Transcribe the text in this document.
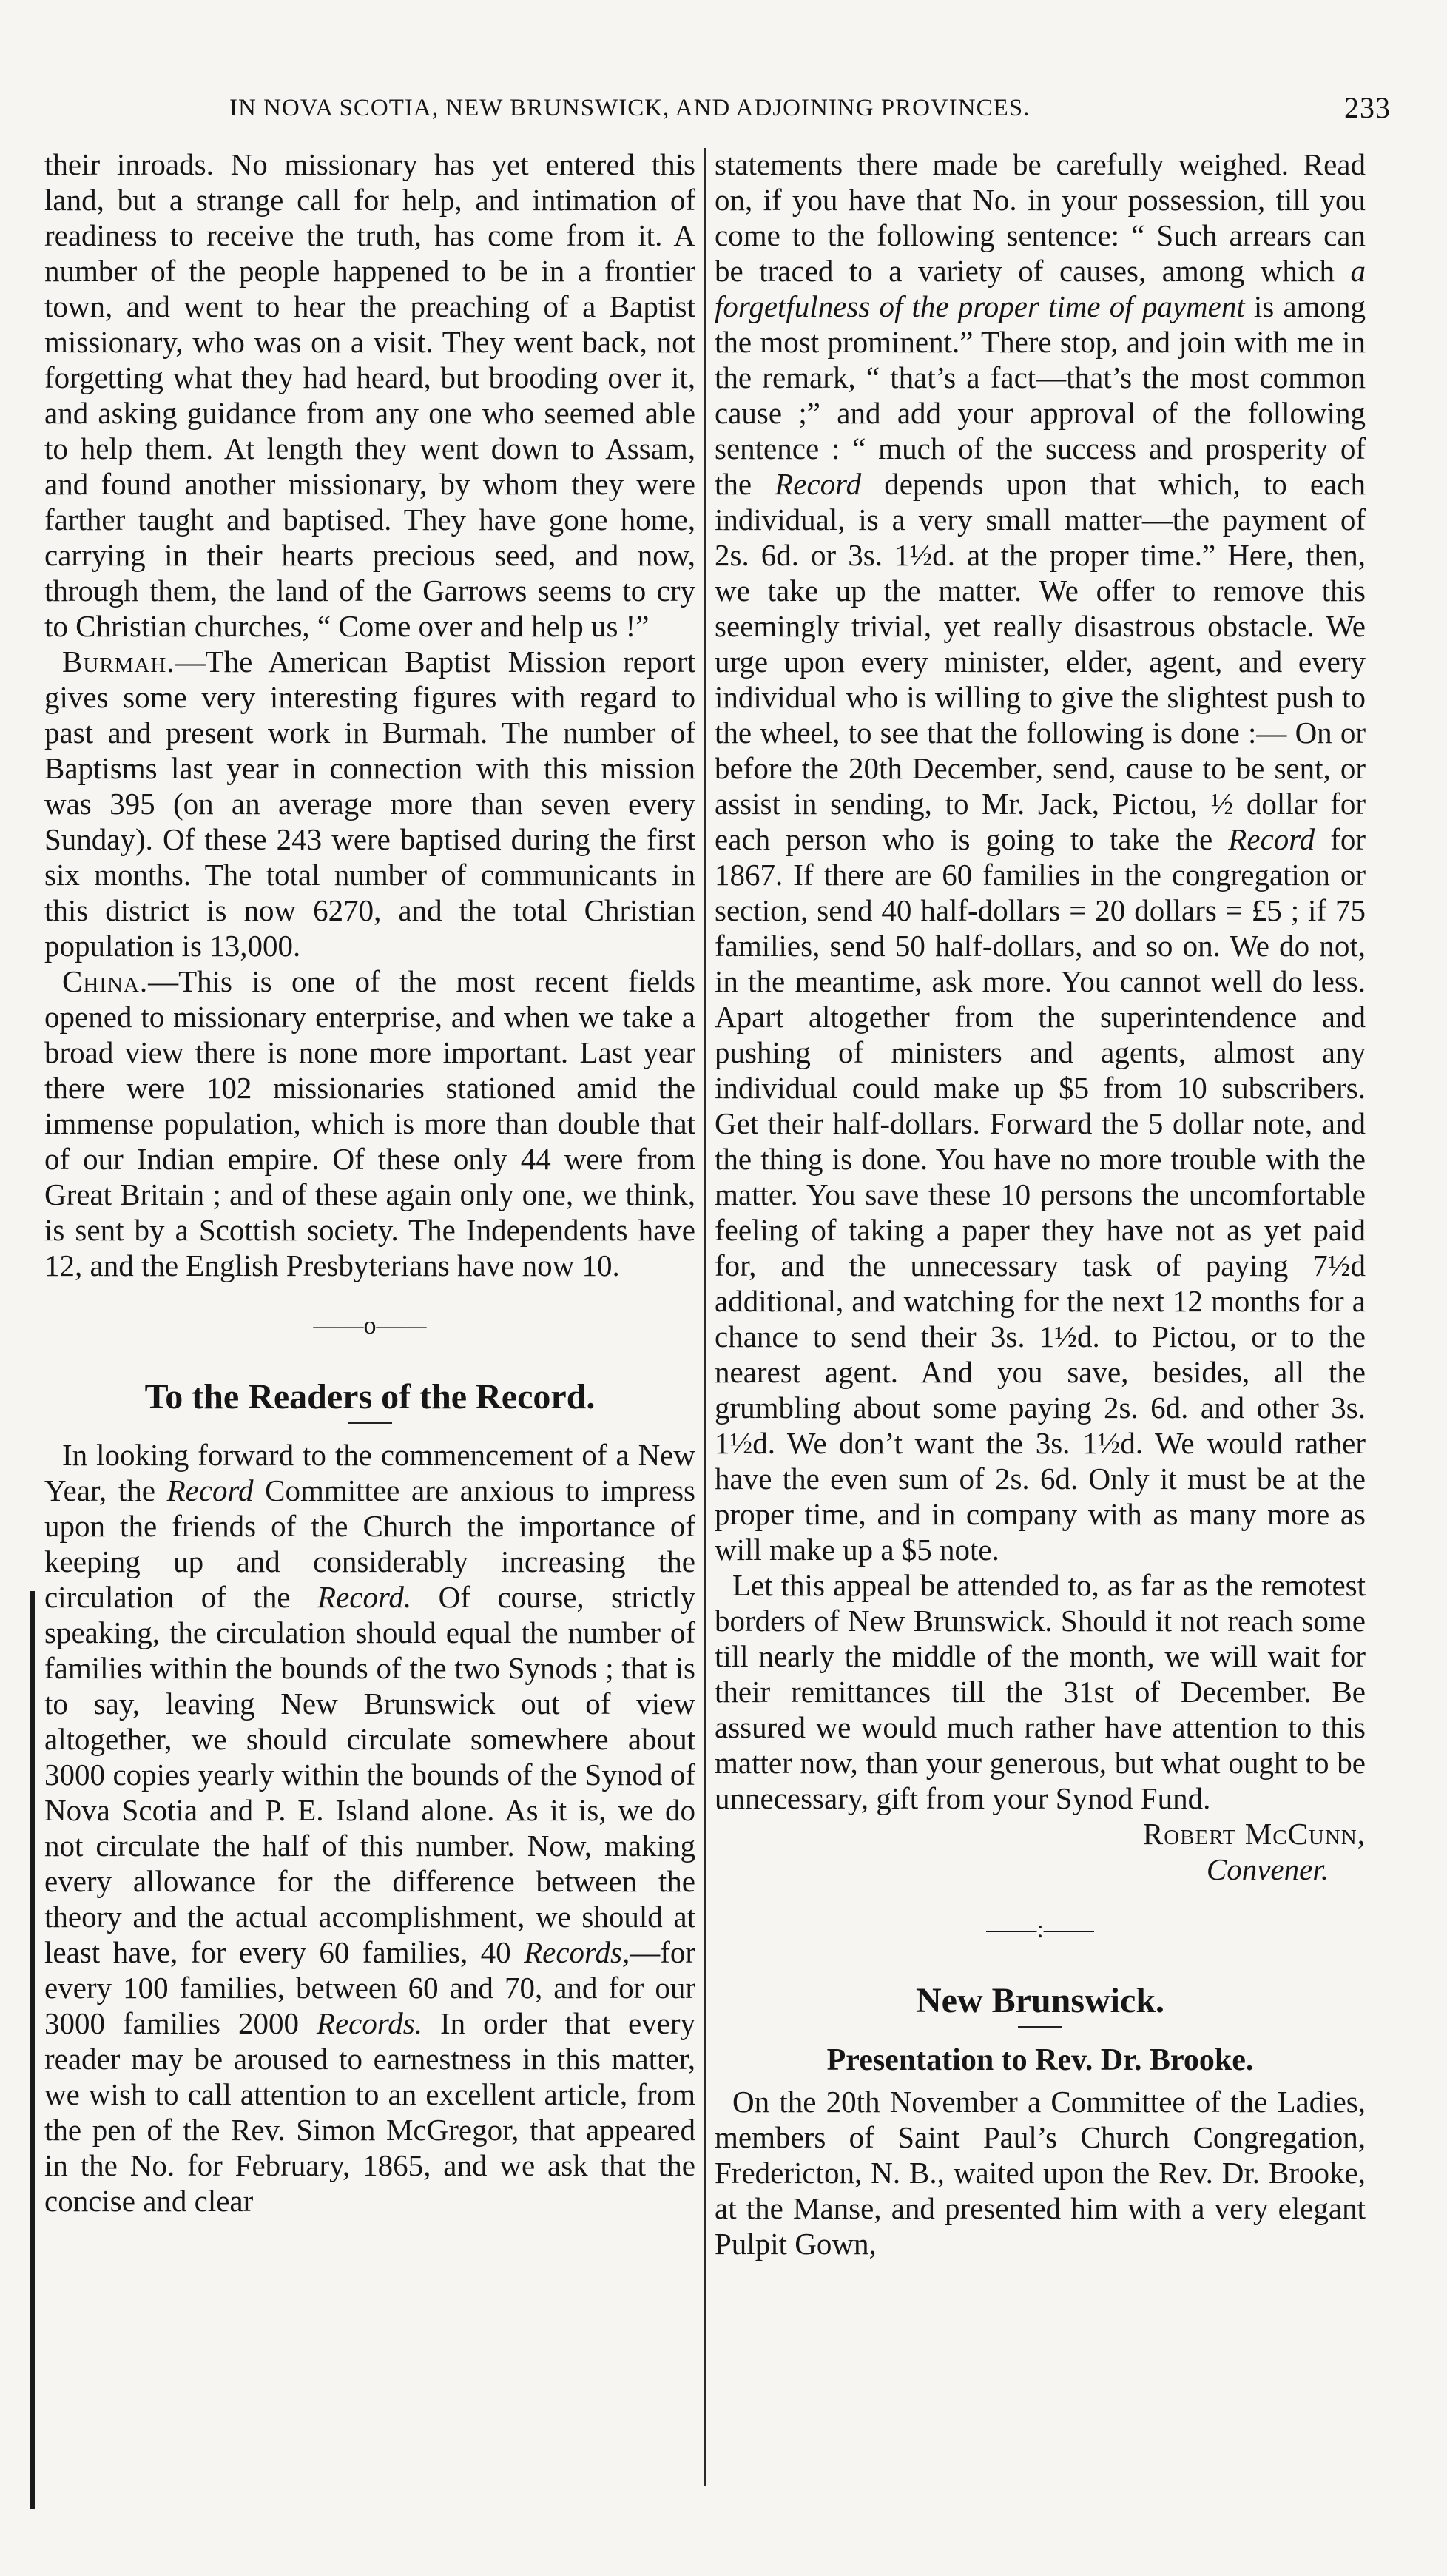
IN NOVA SCOTIA, NEW BRUNSWICK, AND ADJOINING PROVINCES.	233

their inroads. No missionary has yet entered this land, but a strange call for help, and intimation of readiness to receive the truth, has come from it. A number of the people happened to be in a frontier town, and went to hear the preaching of a Baptist missionary, who was on a visit. They went back, not forgetting what they had heard, but brooding over it, and asking guidance from any one who seemed able to help them. At length they went down to Assam, and found another missionary, by whom they were farther taught and baptised. They have gone home, carrying in their hearts precious seed, and now, through them, the land of the Garrows seems to cry to Christian churches, “ Come over and help us !”

Burmah.—The American Baptist Mission report gives some very interesting figures with regard to past and present work in Burmah. The number of Baptisms last year in connection with this mission was 395 (on an average more than seven every Sunday). Of these 243 were baptised during the first six months. The total number of communicants in this district is now 6270, and the total Christian population is 13,000.

China.—This is one of the most recent fields opened to missionary enterprise, and when we take a broad view there is none more important. Last year there were 102 missionaries stationed amid the immense population, which is more than double that of our Indian empire. Of these only 44 were from Great Britain ; and of these again only one, we think, is sent by a Scottish society. The Independents have 12, and the English Presbyterians have now 10.

——o——
To the Readers of the Record.

In looking forward to the commencement of a New Year, the Record Committee are anxious to impress upon the friends of the Church the importance of keeping up and considerably increasing the circulation of the Record. Of course, strictly speaking, the circulation should equal the number of families within the bounds of the two Synods ; that is to say, leaving New Brunswick out of view altogether, we should circulate somewhere about 3000 copies yearly within the bounds of the Synod of Nova Scotia and P. E. Island alone. As it is, we do not circulate the half of this number. Now, making every allowance for the difference between the theory and the actual accomplishment, we should at least have, for every 60 families, 40 Records,—for every 100 families, between 60 and 70, and for our 3000 families 2000 Records. In order that every reader may be aroused to earnestness in this matter, we wish to call attention to an excellent article, from the pen of the Rev. Simon McGregor, that appeared in the No. for February, 1865, and we ask that the concise and clear

statements there made be carefully weighed. Read on, if you have that No. in your possession, till you come to the following sentence: “ Such arrears can be traced to a variety of causes, among which a forgetfulness of the proper time of payment is among the most prominent.” There stop, and join with me in the remark, “ that’s a fact—that’s the most common cause ;” and add your approval of the following sentence : “ much of the success and prosperity of the Record depends upon that which, to each individual, is a very small matter—the payment of 2s. 6d. or 3s. 1½d. at the proper time.” Here, then, we take up the matter. We offer to remove this seemingly trivial, yet really disastrous obstacle. We urge upon every minister, elder, agent, and every individual who is willing to give the slightest push to the wheel, to see that the following is done :— On or before the 20th December, send, cause to be sent, or assist in sending, to Mr. Jack, Pictou, ½ dollar for each person who is going to take the Record for 1867. If there are 60 families in the congregation or section, send 40 half-dollars = 20 dollars = £5 ; if 75 families, send 50 half-dollars, and so on. We do not, in the meantime, ask more. You cannot well do less. Apart altogether from the superintendence and pushing of ministers and agents, almost any individual could make up $5 from 10 subscribers. Get their half-dollars. Forward the 5 dollar note, and the thing is done. You have no more trouble with the matter. You save these 10 persons the uncomfortable feeling of taking a paper they have not as yet paid for, and the unnecessary task of paying 7½d additional, and watching for the next 12 months for a chance to send their 3s. 1½d. to Pictou, or to the nearest agent. And you save, besides, all the grumbling about some paying 2s. 6d. and other 3s. 1½d. We don’t want the 3s. 1½d. We would rather have the even sum of 2s. 6d. Only it must be at the proper time, and in company with as many more as will make up a $5 note.

Let this appeal be attended to, as far as the remotest borders of New Brunswick. Should it not reach some till nearly the middle of the month, we will wait for their remittances till the 31st of December. Be assured we would much rather have attention to this matter now, than your generous, but what ought to be unnecessary, gift from your Synod Fund.

Robert McCunn,

Convener.

——:——
New Brunswick.
Presentation to Rev. Dr. Brooke.

On the 20th November a Committee of the Ladies, members of Saint Paul’s Church Congregation, Fredericton, N. B., waited upon the Rev. Dr. Brooke, at the Manse, and presented him with a very elegant Pulpit Gown,
